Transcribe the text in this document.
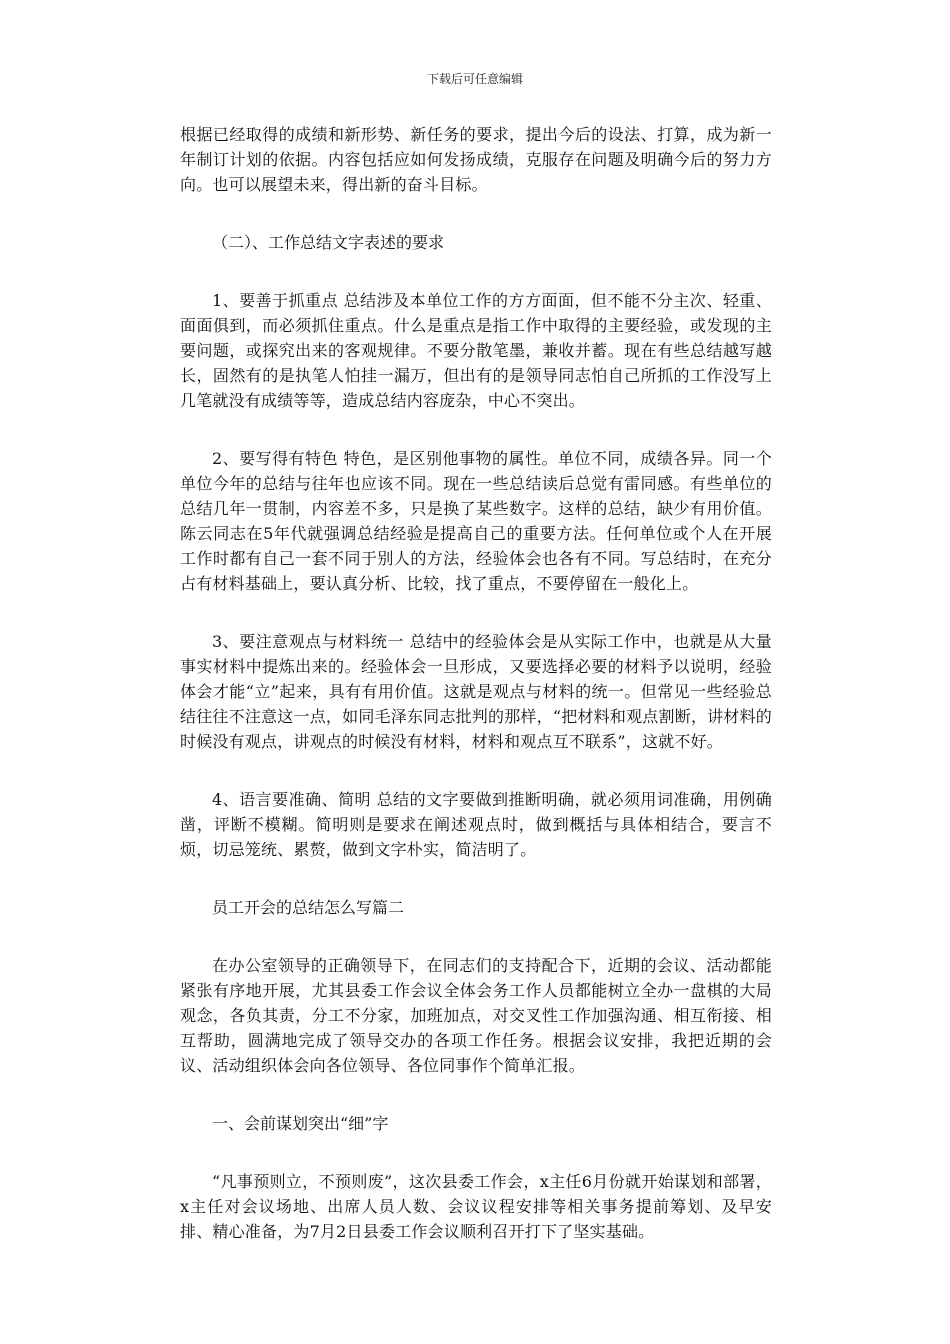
下载后可任意编辑

根据已经取得的成绩和新形势、新任务的要求，提出今后的设法、打算，成为新一年制订计划的依据。内容包括应如何发扬成绩，克服存在问题及明确今后的努力方向。也可以展望未来，得出新的奋斗目标。

（二）、工作总结文字表述的要求

1、要善于抓重点 总结涉及本单位工作的方方面面，但不能不分主次、轻重、面面俱到，而必须抓住重点。什么是重点是指工作中取得的主要经验，或发现的主要问题，或探究出来的客观规律。不要分散笔墨，兼收并蓄。现在有些总结越写越长，固然有的是执笔人怕挂一漏万，但出有的是领导同志怕自己所抓的工作没写上几笔就没有成绩等等，造成总结内容庞杂，中心不突出。

2、要写得有特色 特色，是区别他事物的属性。单位不同，成绩各异。同一个单位今年的总结与往年也应该不同。现在一些总结读后总觉有雷同感。有些单位的总结几年一贯制，内容差不多，只是换了某些数字。这样的总结，缺少有用价值。陈云同志在5年代就强调总结经验是提高自己的重要方法。任何单位或个人在开展工作时都有自己一套不同于别人的方法，经验体会也各有不同。写总结时，在充分占有材料基础上，要认真分析、比较，找了重点，不要停留在一般化上。

3、要注意观点与材料统一 总结中的经验体会是从实际工作中，也就是从大量事实材料中提炼出来的。经验体会一旦形成，又要选择必要的材料予以说明，经验体会才能“立”起来，具有有用价值。这就是观点与材料的统一。但常见一些经验总结往往不注意这一点，如同毛泽东同志批判的那样，“把材料和观点割断，讲材料的时候没有观点，讲观点的时候没有材料，材料和观点互不联系”，这就不好。

4、语言要准确、简明 总结的文字要做到推断明确，就必须用词准确，用例确凿，评断不模糊。简明则是要求在阐述观点时，做到概括与具体相结合，要言不烦，切忌笼统、累赘，做到文字朴实，简洁明了。

员工开会的总结怎么写篇二

在办公室领导的正确领导下，在同志们的支持配合下，近期的会议、活动都能紧张有序地开展，尤其县委工作会议全体会务工作人员都能树立全办一盘棋的大局观念，各负其责，分工不分家，加班加点，对交叉性工作加强沟通、相互衔接、相互帮助，圆满地完成了领导交办的各项工作任务。根据会议安排，我把近期的会议、活动组织体会向各位领导、各位同事作个简单汇报。

一、会前谋划突出“细”字

“凡事预则立，不预则废”，这次县委工作会，x主任6月份就开始谋划和部署，x主任对会议场地、出席人员人数、会议议程安排等相关事务提前筹划、及早安排、精心准备，为7月2日县委工作会议顺利召开打下了坚实基础。
